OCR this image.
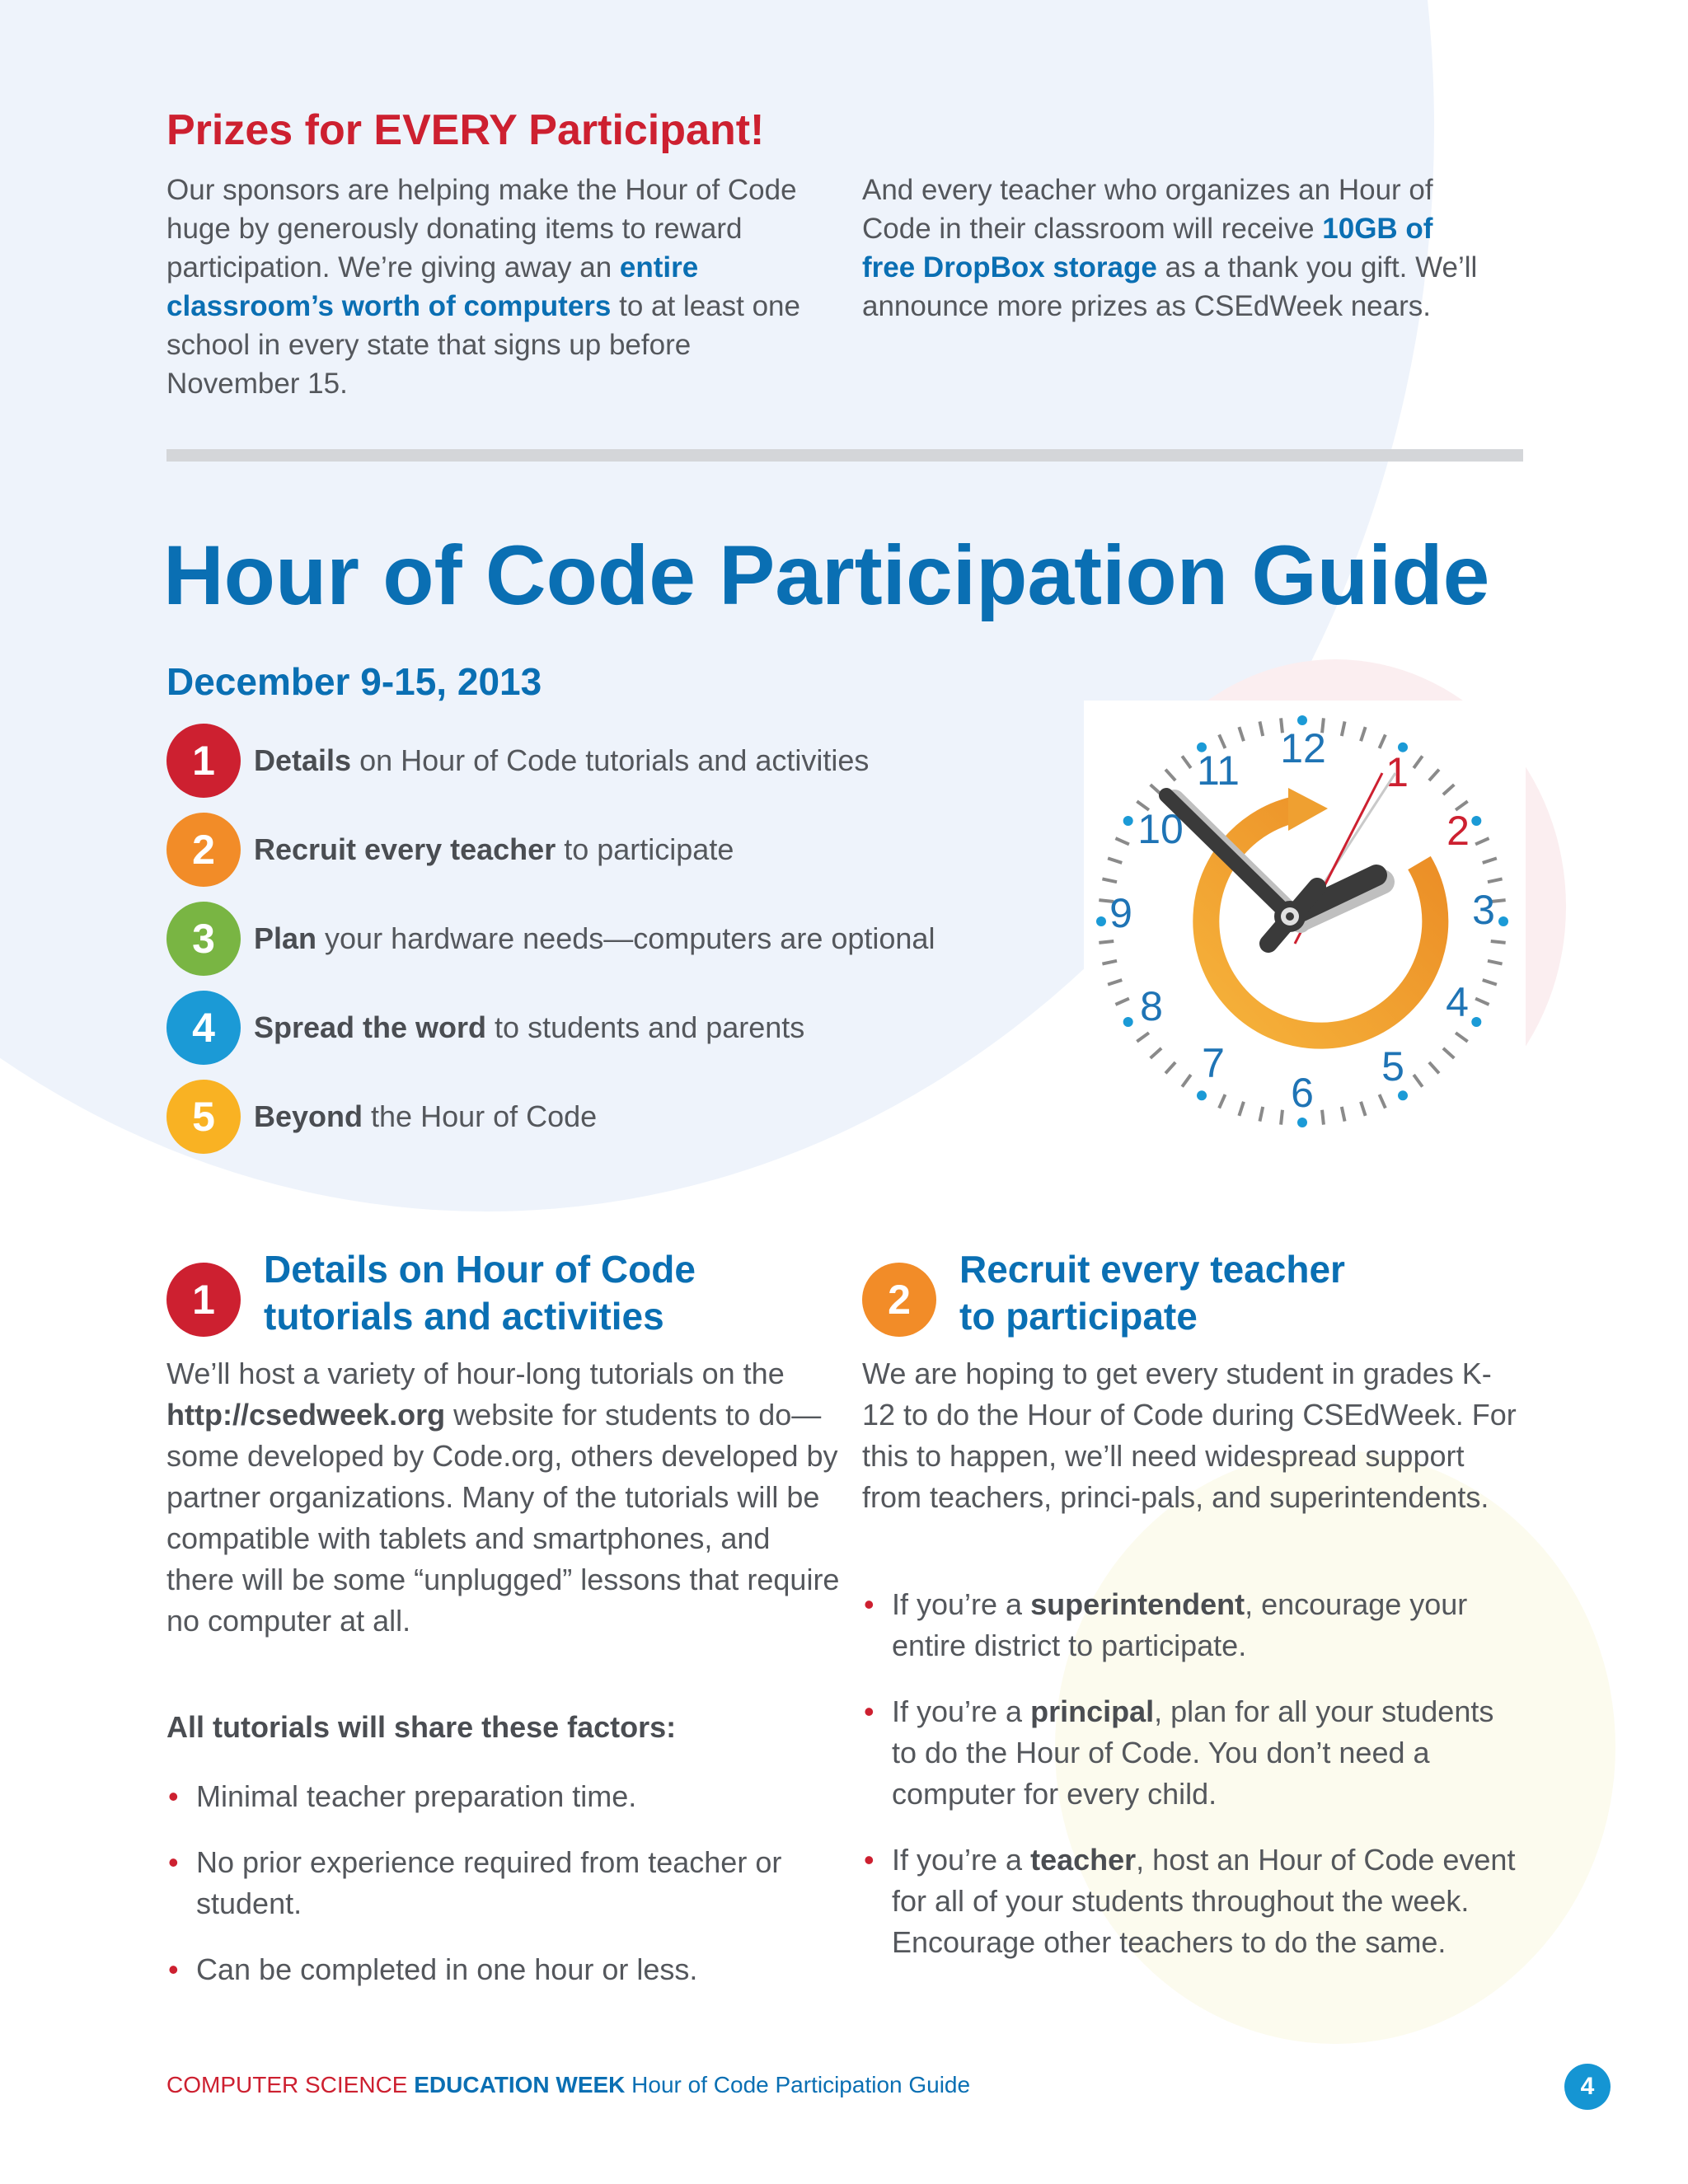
Prizes for EVERY Participant!
Our sponsors are helping make the Hour of Code huge by generously donating items to reward participation. We’re giving away an entire classroom’s worth of computers to at least one school in every state that signs up before November 15.
And every teacher who organizes an Hour of Code in their classroom will receive 10GB of free DropBox storage as a thank you gift. We’ll announce more prizes as CSEdWeek nears.
Hour of Code Participation Guide
December 9-15, 2013
1	Details on Hour of Code tutorials and activities
2	Recruit every teacher to participate
3	Plan your hardware needs—computers are optional
4	Spread the word to students and parents
5	Beyond the Hour of Code
12
1
2
3
4
5
6
7
8
9
10
11
1
Details on Hour of Code
tutorials and activities
We’ll host a variety of hour-long tutorials on the http://csedweek.org website for students to do—some developed by Code.org, others developed by partner organizations. Many of the tutorials will be compatible with tablets and smartphones, and there will be some “unplugged” lessons that require no computer at all.
All tutorials will share these factors:
• Minimal teacher preparation time.
• No prior experience required from teacher or student.
• Can be completed in one hour or less.
2
Recruit every teacher
to participate
We are hoping to get every student in grades K-12 to do the Hour of Code during CSEdWeek. For this to happen, we’ll need widespread support from teachers, princi-pals, and superintendents.
• If you’re a superintendent, encourage your entire district to participate.
• If you’re a principal, plan for all your students to do the Hour of Code. You don’t need a computer for every child.
• If you’re a teacher, host an Hour of Code event for all of your students throughout the week. Encourage other teachers to do the same.
COMPUTER SCIENCE EDUCATION WEEK Hour of Code Participation Guide	4
